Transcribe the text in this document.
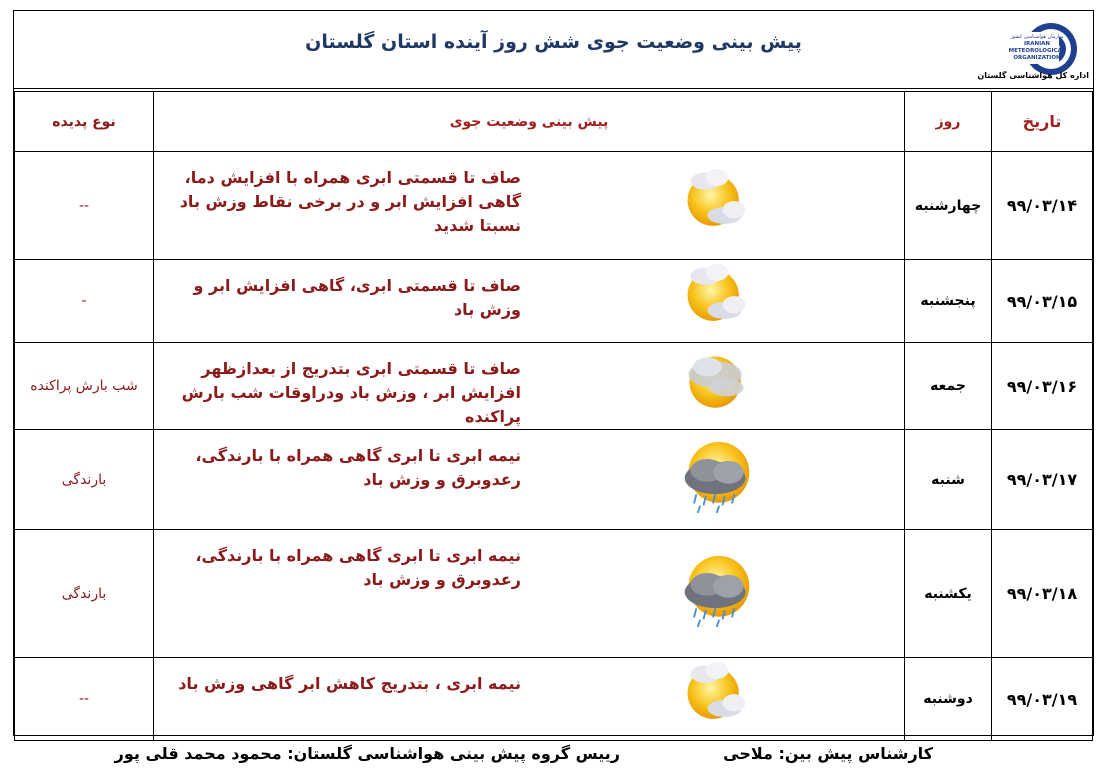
پیش بینی وضعیت جوی شش روز آینده استان گلستان	سازمان هواشناسی کشور
IRANIAN
METEOROLOGICAL
ORGANIZATION
اداره کل هواشناسی گلستان
تاریخ	روز	پیش بینی وضعیت جوی		نوع پدیده
۹۹/۰۳/۱۴	چهارشنبه		صاف تا قسمتی ابری همراه با افزایش دما، گاهی افزایش ابر و در برخی نقاط وزش باد نسبتا شدید	--
۹۹/۰۳/۱۵	پنجشنبه		صاف تا قسمتی ابری، گاهی افزایش ابر و وزش باد	-
۹۹/۰۳/۱۶	جمعه		صاف تا قسمتی ابری بتدریج از بعدازظهر افزایش ابر ، وزش باد ودراوقات شب بارش پراکنده	شب بارش پراکنده
۹۹/۰۳/۱۷	شنبه		نیمه ابری تا ابری گاهی همراه با بارندگی، رعدوبرق و وزش باد	بارندگی
۹۹/۰۳/۱۸	یکشنبه		نیمه ابری تا ابری گاهی همراه با بارندگی، رعدوبرق و وزش باد	بارندگی
۹۹/۰۳/۱۹	دوشنبه		نیمه ابری ، بتدریج کاهش ابر گاهی وزش باد	--
کارشناس پیش بین: ملاحی
رییس گروه پیش بینی هواشناسی گلستان: محمود محمد قلی پور
